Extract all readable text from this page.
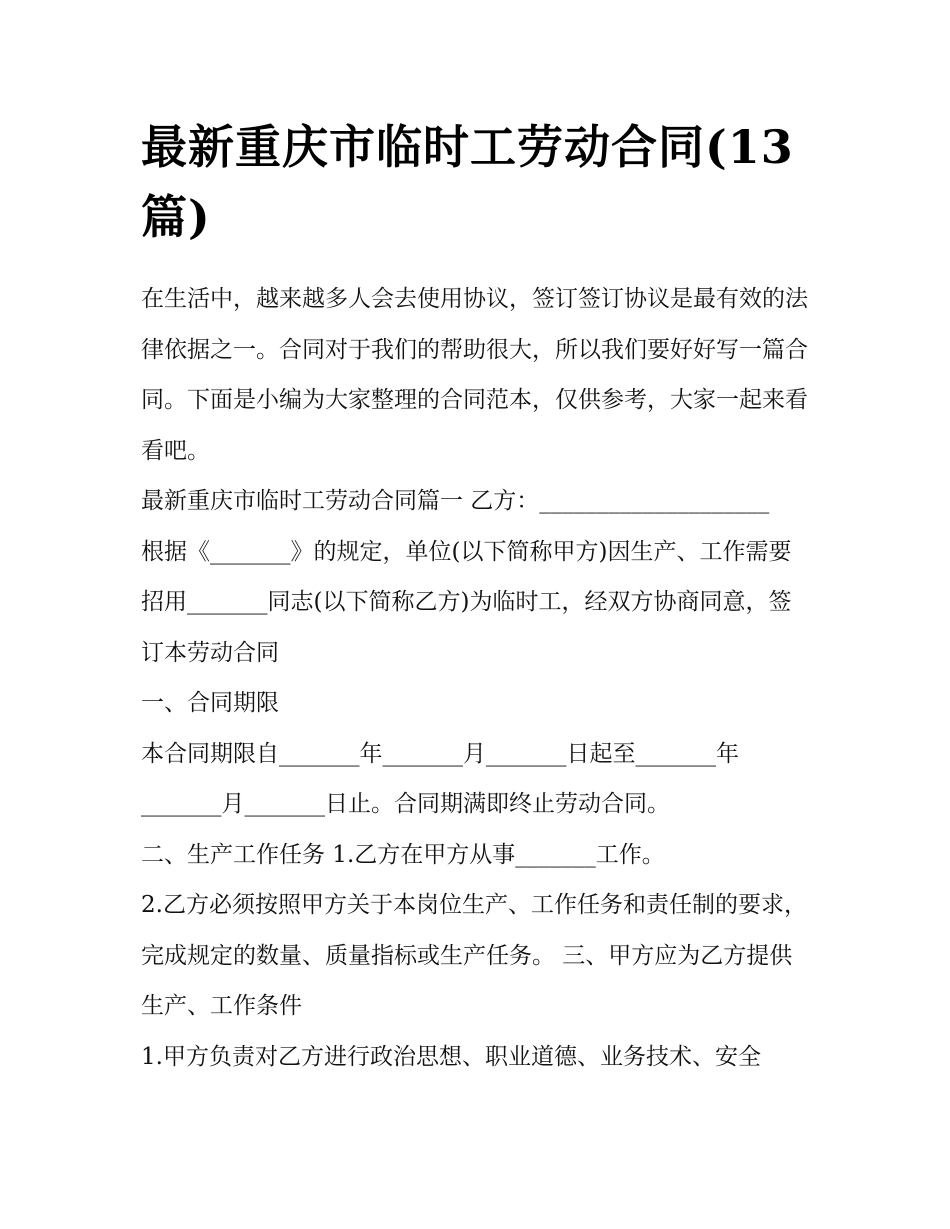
最新重庆市临时工劳动合同(13篇)

在生活中，越来越多人会去使用协议，签订签订协议是最有效的法律依据之一。合同对于我们的帮助很大，所以我们要好好写一篇合同。下面是小编为大家整理的合同范本，仅供参考，大家一起来看看吧。

最新重庆市临时工劳动合同篇一 乙方：____________________

根据《_______》的规定，单位(以下简称甲方)因生产、工作需要招用_______同志(以下简称乙方)为临时工，经双方协商同意，签订本劳动合同

一、合同期限

本合同期限自_______年_______月_______日起至_______年_______月_______日止。合同期满即终止劳动合同。

二、生产工作任务 1.乙方在甲方从事_______工作。

2.乙方必须按照甲方关于本岗位生产、工作任务和责任制的要求，完成规定的数量、质量指标或生产任务。 三、甲方应为乙方提供生产、工作条件

1.甲方负责对乙方进行政治思想、职业道德、业务技术、安全
